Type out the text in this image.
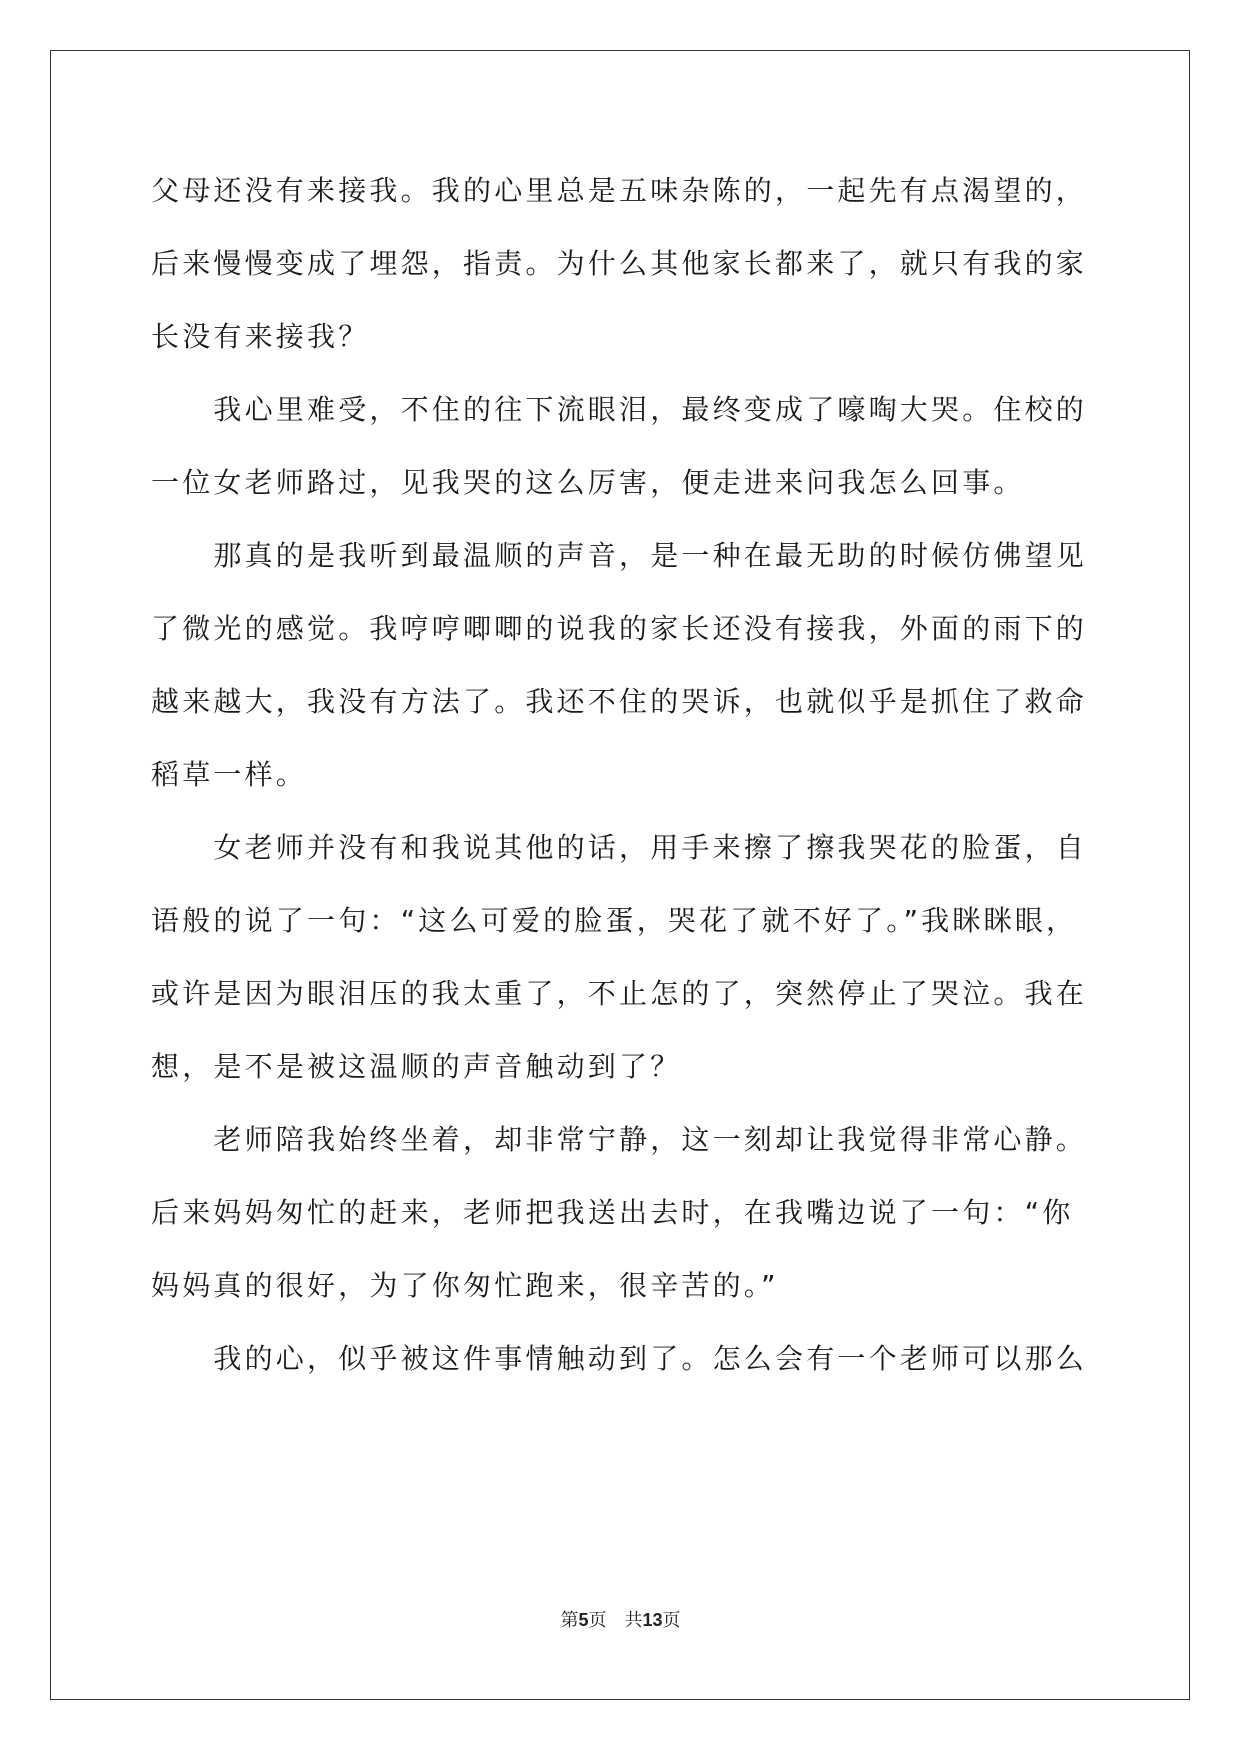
父母还没有来接我。我的心里总是五味杂陈的，一起先有点渴望的，
后来慢慢变成了埋怨，指责。为什么其他家长都来了，就只有我的家
长没有来接我？
　　我心里难受，不住的往下流眼泪，最终变成了嚎啕大哭。住校的
一位女老师路过，见我哭的这么厉害，便走进来问我怎么回事。
　　那真的是我听到最温顺的声音，是一种在最无助的时候仿佛望见
了微光的感觉。我哼哼唧唧的说我的家长还没有接我，外面的雨下的
越来越大，我没有方法了。我还不住的哭诉，也就似乎是抓住了救命
稻草一样。
　　女老师并没有和我说其他的话，用手来擦了擦我哭花的脸蛋，自
语般的说了一句：“这么可爱的脸蛋，哭花了就不好了。”我眯眯眼，
或许是因为眼泪压的我太重了，不止怎的了，突然停止了哭泣。我在
想，是不是被这温顺的声音触动到了？
　　老师陪我始终坐着，却非常宁静，这一刻却让我觉得非常心静。
后来妈妈匆忙的赶来，老师把我送出去时，在我嘴边说了一句：“你
妈妈真的很好，为了你匆忙跑来，很辛苦的。”
　　我的心，似乎被这件事情触动到了。怎么会有一个老师可以那么
第5页 共13页
